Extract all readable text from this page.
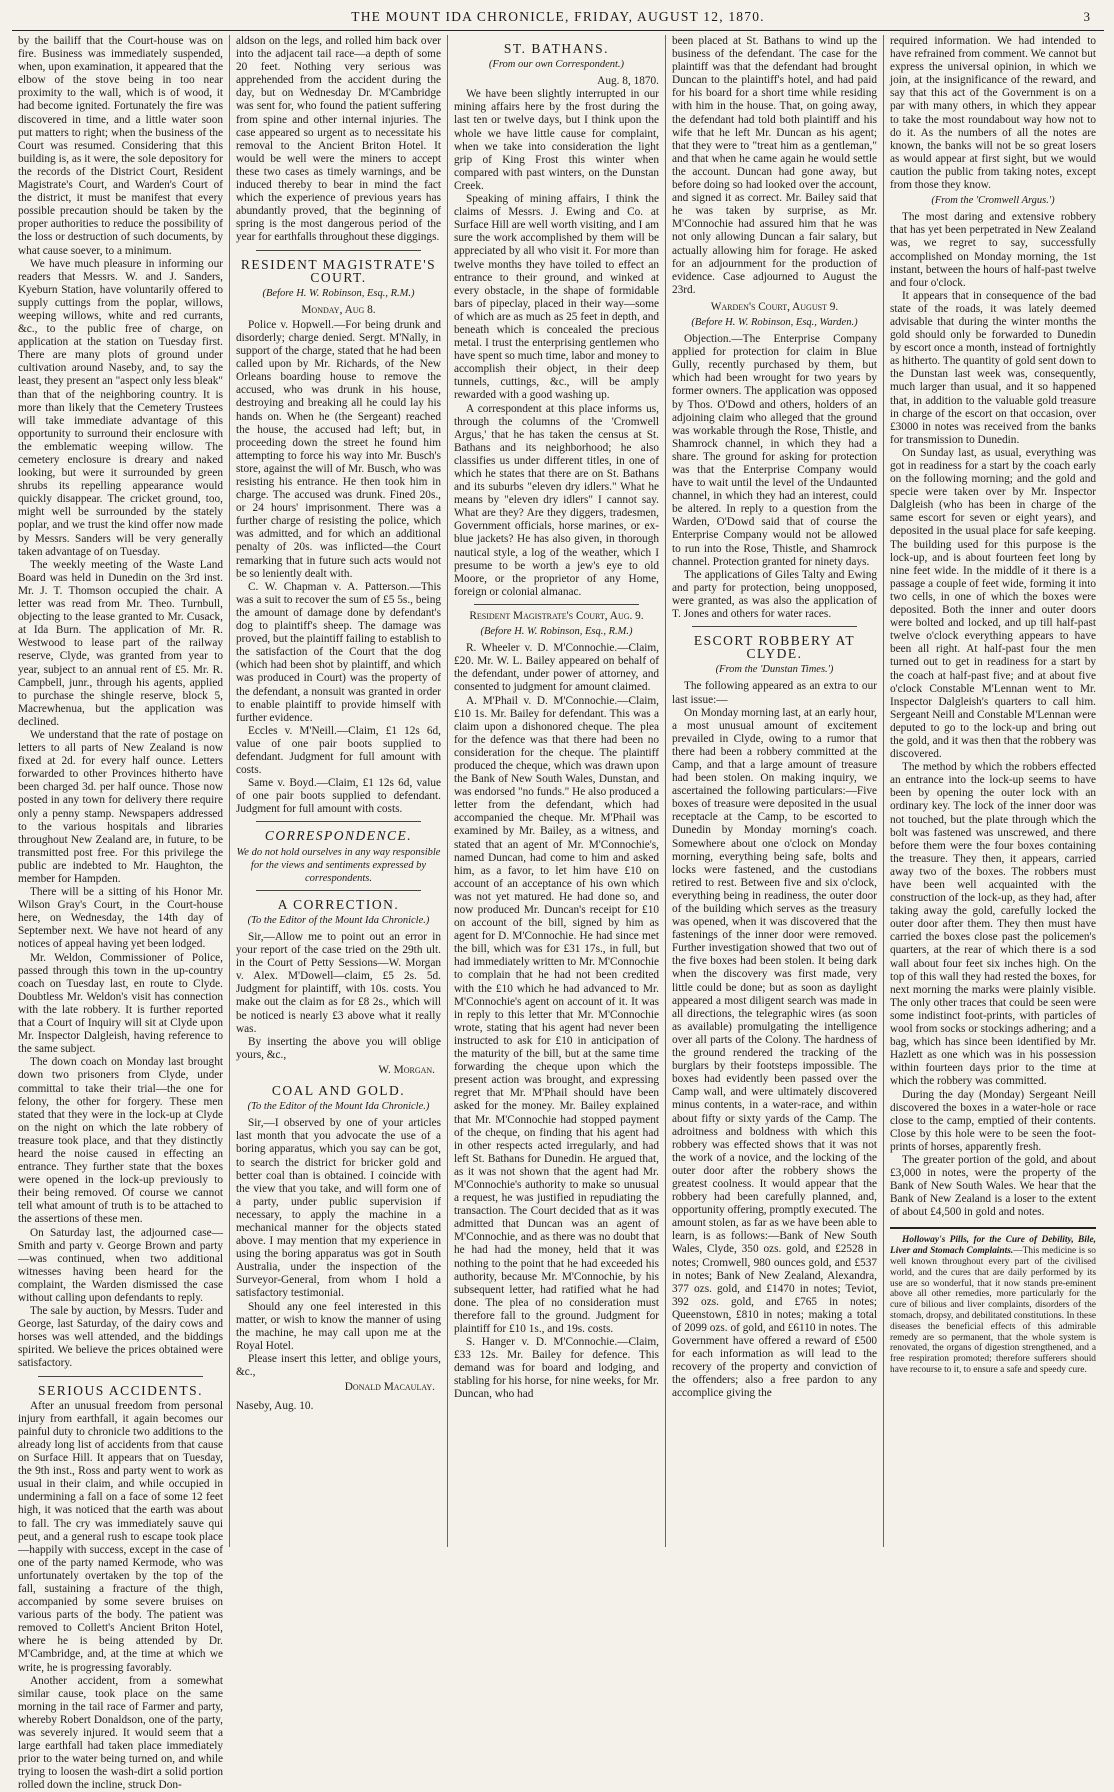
THE MOUNT IDA CHRONICLE, FRIDAY, AUGUST 12, 1870.	3

by the bailiff that the Court-house was on fire. Business was immediately suspended, when, upon examination, it appeared that the elbow of the stove being in too near proximity to the wall, which is of wood, it had become ignited. Fortunately the fire was discovered in time, and a little water soon put matters to right; when the business of the Court was resumed. Considering that this building is, as it were, the sole depository for the records of the District Court, Resident Magistrate's Court, and Warden's Court of the district, it must be manifest that every possible precaution should be taken by the proper authorities to reduce the possibility of the loss or destruction of such documents, by what cause soever, to a minimum.

We have much pleasure in informing our readers that Messrs. W. and J. Sanders, Kyeburn Station, have voluntarily offered to supply cuttings from the poplar, willows, weeping willows, white and red currants, &c., to the public free of charge, on application at the station on Tuesday first. There are many plots of ground under cultivation around Naseby, and, to say the least, they present an "aspect only less bleak" than that of the neighboring country. It is more than likely that the Cemetery Trustees will take immediate advantage of this opportunity to surround their enclosure with the emblematic weeping willow. The cemetery enclosure is dreary and naked looking, but were it surrounded by green shrubs its repelling appearance would quickly disappear. The cricket ground, too, might well be surrounded by the stately poplar, and we trust the kind offer now made by Messrs. Sanders will be very generally taken advantage of on Tuesday.

The weekly meeting of the Waste Land Board was held in Dunedin on the 3rd inst. Mr. J. T. Thomson occupied the chair. A letter was read from Mr. Theo. Turnbull, objecting to the lease granted to Mr. Cusack, at Ida Burn. The application of Mr. R. Westwood to lease part of the railway reserve, Clyde, was granted from year to year, subject to an annual rent of £5. Mr. R. Campbell, junr., through his agents, applied to purchase the shingle reserve, block 5, Macrewhenua, but the application was declined.

We understand that the rate of postage on letters to all parts of New Zealand is now fixed at 2d. for every half ounce. Letters forwarded to other Provinces hitherto have been charged 3d. per half ounce. Those now posted in any town for delivery there require only a penny stamp. Newspapers addressed to the various hospitals and libraries throughout New Zealand are, in future, to be transmitted post free. For this privilege the public are indebted to Mr. Haughton, the member for Hampden.

There will be a sitting of his Honor Mr. Wilson Gray's Court, in the Court-house here, on Wednesday, the 14th day of September next. We have not heard of any notices of appeal having yet been lodged.

Mr. Weldon, Commissioner of Police, passed through this town in the up-country coach on Tuesday last, en route to Clyde. Doubtless Mr. Weldon's visit has connection with the late robbery. It is further reported that a Court of Inquiry will sit at Clyde upon Mr. Inspector Dalgleish, having reference to the same subject.

The down coach on Monday last brought down two prisoners from Clyde, under committal to take their trial—the one for felony, the other for forgery. These men stated that they were in the lock-up at Clyde on the night on which the late robbery of treasure took place, and that they distinctly heard the noise caused in effecting an entrance. They further state that the boxes were opened in the lock-up previously to their being removed. Of course we cannot tell what amount of truth is to be attached to the assertions of these men.

On Saturday last, the adjourned case—Smith and party v. George Brown and party—was continued, when two additional witnesses having been heard for the complaint, the Warden dismissed the case without calling upon defendants to reply.

The sale by auction, by Messrs. Tuder and George, last Saturday, of the dairy cows and horses was well attended, and the biddings spirited. We believe the prices obtained were satisfactory.

SERIOUS ACCIDENTS.

After an unusual freedom from personal injury from earthfall, it again becomes our painful duty to chronicle two additions to the already long list of accidents from that cause on Surface Hill. It appears that on Tuesday, the 9th inst., Ross and party went to work as usual in their claim, and while occupied in undermining a fall on a face of some 12 feet high, it was noticed that the earth was about to fall. The cry was immediately sauve qui peut, and a general rush to escape took place—happily with success, except in the case of one of the party named Kermode, who was unfortunately overtaken by the top of the fall, sustaining a fracture of the thigh, accompanied by some severe bruises on various parts of the body. The patient was removed to Collett's Ancient Briton Hotel, where he is being attended by Dr. M'Cambridge, and, at the time at which we write, he is progressing favorably.

Another accident, from a somewhat similar cause, took place on the same morning in the tail race of Farmer and party, whereby Robert Donaldson, one of the party, was severely injured. It would seem that a large earthfall had taken place immediately prior to the water being turned on, and while trying to loosen the wash-dirt a solid portion rolled down the incline, struck Don-

aldson on the legs, and rolled him back over into the adjacent tail race—a depth of some 20 feet. Nothing very serious was apprehended from the accident during the day, but on Wednesday Dr. M'Cambridge was sent for, who found the patient suffering from spine and other internal injuries. The case appeared so urgent as to necessitate his removal to the Ancient Briton Hotel. It would be well were the miners to accept these two cases as timely warnings, and be induced thereby to bear in mind the fact which the experience of previous years has abundantly proved, that the beginning of spring is the most dangerous period of the year for earthfalls throughout these diggings.

RESIDENT MAGISTRATE'S COURT.
(Before H. W. Robinson, Esq., R.M.)
Monday, Aug 8.

Police v. Hopwell.—For being drunk and disorderly; charge denied. Sergt. M'Nally, in support of the charge, stated that he had been called upon by Mr. Richards, of the New Orleans boarding house to remove the accused, who was drunk in his house, destroying and breaking all he could lay his hands on. When he (the Sergeant) reached the house, the accused had left; but, in proceeding down the street he found him attempting to force his way into Mr. Busch's store, against the will of Mr. Busch, who was resisting his entrance. He then took him in charge. The accused was drunk. Fined 20s., or 24 hours' imprisonment. There was a further charge of resisting the police, which was admitted, and for which an additional penalty of 20s. was inflicted—the Court remarking that in future such acts would not be so leniently dealt with.

C. W. Chapman v. A. Patterson.—This was a suit to recover the sum of £5 5s., being the amount of damage done by defendant's dog to plaintiff's sheep. The damage was proved, but the plaintiff failing to establish to the satisfaction of the Court that the dog (which had been shot by plaintiff, and which was produced in Court) was the property of the defendant, a nonsuit was granted in order to enable plaintiff to provide himself with further evidence.

Eccles v. M'Neill.—Claim, £1 12s 6d, value of one pair boots supplied to defendant. Judgment for full amount with costs.

Same v. Boyd.—Claim, £1 12s 6d, value of one pair boots supplied to defendant. Judgment for full amount with costs.

CORRESPONDENCE.
We do not hold ourselves in any way responsible for the views and sentiments expressed by correspondents.
A CORRECTION.
(To the Editor of the Mount Ida Chronicle.)

Sir,—Allow me to point out an error in your report of the case tried on the 29th ult. in the Court of Petty Sessions—W. Morgan v. Alex. M'Dowell—claim, £5 2s. 5d. Judgment for plaintiff, with 10s. costs. You make out the claim as for £8 2s., which will be noticed is nearly £3 above what it really was.

By inserting the above you will oblige yours, &c.,

W. Morgan.
COAL AND GOLD.
(To the Editor of the Mount Ida Chronicle.)

Sir,—I observed by one of your articles last month that you advocate the use of a boring apparatus, which you say can be got, to search the district for bricker gold and better coal than is obtained. I coincide with the view that you take, and will form one of a party, under public supervision if necessary, to apply the machine in a mechanical manner for the objects stated above. I may mention that my experience in using the boring apparatus was got in South Australia, under the inspection of the Surveyor-General, from whom I hold a satisfactory testimonial.

Should any one feel interested in this matter, or wish to know the manner of using the machine, he may call upon me at the Royal Hotel.

Please insert this letter, and oblige yours, &c.,

Donald Macaulay.

Naseby, Aug. 10.

ST. BATHANS.
(From our own Correspondent.)

Aug. 8, 1870.

We have been slightly interrupted in our mining affairs here by the frost during the last ten or twelve days, but I think upon the whole we have little cause for complaint, when we take into consideration the light grip of King Frost this winter when compared with past winters, on the Dunstan Creek.

Speaking of mining affairs, I think the claims of Messrs. J. Ewing and Co. at Surface Hill are well worth visiting, and I am sure the work accomplished by them will be appreciated by all who visit it. For more than twelve months they have toiled to effect an entrance to their ground, and winked at every obstacle, in the shape of formidable bars of pipeclay, placed in their way—some of which are as much as 25 feet in depth, and beneath which is concealed the precious metal. I trust the enterprising gentlemen who have spent so much time, labor and money to accomplish their object, in their deep tunnels, cuttings, &c., will be amply rewarded with a good washing up.

A correspondent at this place informs us, through the columns of the 'Cromwell Argus,' that he has taken the census at St. Bathans and its neighborhood; he also classifies us under different titles, in one of which he states that there are on St. Bathans and its suburbs "eleven dry idlers." What he means by "eleven dry idlers" I cannot say. What are they? Are they diggers, tradesmen, Government officials, horse marines, or ex-blue jackets? He has also given, in thorough nautical style, a log of the weather, which I presume to be worth a jew's eye to old Moore, or the proprietor of any Home, foreign or colonial almanac.

Resident Magistrate's Court, Aug. 9.
(Before H. W. Robinson, Esq., R.M.)

R. Wheeler v. D. M'Connochie.—Claim, £20. Mr. W. L. Bailey appeared on behalf of the defendant, under power of attorney, and consented to judgment for amount claimed.

A. M'Phail v. D. M'Connochie.—Claim, £10 1s. Mr. Bailey for defendant. This was a claim upon a dishonored cheque. The plea for the defence was that there had been no consideration for the cheque. The plaintiff produced the cheque, which was drawn upon the Bank of New South Wales, Dunstan, and was endorsed "no funds." He also produced a letter from the defendant, which had accompanied the cheque. Mr. M'Phail was examined by Mr. Bailey, as a witness, and stated that an agent of Mr. M'Connochie's, named Duncan, had come to him and asked him, as a favor, to let him have £10 on account of an acceptance of his own which was not yet matured. He had done so, and now produced Mr. Duncan's receipt for £10 on account of the bill, signed by him as agent for D. M'Connochie. He had since met the bill, which was for £31 17s., in full, but had immediately written to Mr. M'Connochie to complain that he had not been credited with the £10 which he had advanced to Mr. M'Connochie's agent on account of it. It was in reply to this letter that Mr. M'Connochie wrote, stating that his agent had never been instructed to ask for £10 in anticipation of the maturity of the bill, but at the same time forwarding the cheque upon which the present action was brought, and expressing regret that Mr. M'Phail should have been asked for the money. Mr. Bailey explained that Mr. M'Connochie had stopped payment of the cheque, on finding that his agent had in other respects acted irregularly, and had left St. Bathans for Dunedin. He argued that, as it was not shown that the agent had Mr. M'Connochie's authority to make so unusual a request, he was justified in repudiating the transaction. The Court decided that as it was admitted that Duncan was an agent of M'Connochie, and as there was no doubt that he had had the money, held that it was nothing to the point that he had exceeded his authority, because Mr. M'Connochie, by his subsequent letter, had ratified what he had done. The plea of no consideration must therefore fall to the ground. Judgment for plaintiff for £10 1s., and 19s. costs.

S. Hanger v. D. M'Connochie.—Claim, £33 12s. Mr. Bailey for defence. This demand was for board and lodging, and stabling for his horse, for nine weeks, for Mr. Duncan, who had

been placed at St. Bathans to wind up the business of the defendant. The case for the plaintiff was that the defendant had brought Duncan to the plaintiff's hotel, and had paid for his board for a short time while residing with him in the house. That, on going away, the defendant had told both plaintiff and his wife that he left Mr. Duncan as his agent; that they were to "treat him as a gentleman," and that when he came again he would settle the account. Duncan had gone away, but before doing so had looked over the account, and signed it as correct. Mr. Bailey said that he was taken by surprise, as Mr. M'Connochie had assured him that he was not only allowing Duncan a fair salary, but actually allowing him for forage. He asked for an adjournment for the production of evidence. Case adjourned to August the 23rd.

Warden's Court, August 9.
(Before H. W. Robinson, Esq., Warden.)

Objection.—The Enterprise Company applied for protection for claim in Blue Gully, recently purchased by them, but which had been wrought for two years by former owners. The application was opposed by Thos. O'Dowd and others, holders of an adjoining claim who alleged that the ground was workable through the Rose, Thistle, and Shamrock channel, in which they had a share. The ground for asking for protection was that the Enterprise Company would have to wait until the level of the Undaunted channel, in which they had an interest, could be altered. In reply to a question from the Warden, O'Dowd said that of course the Enterprise Company would not be allowed to run into the Rose, Thistle, and Shamrock channel. Protection granted for ninety days.

The applications of Giles Talty and Ewing and party for protection, being unopposed, were granted, as was also the application of T. Jones and others for water races.

ESCORT ROBBERY AT CLYDE.
(From the 'Dunstan Times.')

The following appeared as an extra to our last issue:—

On Monday morning last, at an early hour, a most unusual amount of excitement prevailed in Clyde, owing to a rumor that there had been a robbery committed at the Camp, and that a large amount of treasure had been stolen. On making inquiry, we ascertained the following particulars:—Five boxes of treasure were deposited in the usual receptacle at the Camp, to be escorted to Dunedin by Monday morning's coach. Somewhere about one o'clock on Monday morning, everything being safe, bolts and locks were fastened, and the custodians retired to rest. Between five and six o'clock, everything being in readiness, the outer door of the building which serves as the treasury was opened, when it was discovered that the fastenings of the inner door were removed. Further investigation showed that two out of the five boxes had been stolen. It being dark when the discovery was first made, very little could be done; but as soon as daylight appeared a most diligent search was made in all directions, the telegraphic wires (as soon as available) promulgating the intelligence over all parts of the Colony. The hardness of the ground rendered the tracking of the burglars by their footsteps impossible. The boxes had evidently been passed over the Camp wall, and were ultimately discovered minus contents, in a water-race, and within about fifty or sixty yards of the Camp. The adroitness and boldness with which this robbery was effected shows that it was not the work of a novice, and the locking of the outer door after the robbery shows the greatest coolness. It would appear that the robbery had been carefully planned, and, opportunity offering, promptly executed. The amount stolen, as far as we have been able to learn, is as follows:—Bank of New South Wales, Clyde, 350 ozs. gold, and £2528 in notes; Cromwell, 980 ounces gold, and £537 in notes; Bank of New Zealand, Alexandra, 377 ozs. gold, and £1470 in notes; Teviot, 392 ozs. gold, and £765 in notes; Queenstown, £810 in notes; making a total of 2099 ozs. of gold, and £6110 in notes. The Government have offered a reward of £500 for each information as will lead to the recovery of the property and conviction of the offenders; also a free pardon to any accomplice giving the

required information. We had intended to have refrained from comment. We cannot but express the universal opinion, in which we join, at the insignificance of the reward, and say that this act of the Government is on a par with many others, in which they appear to take the most roundabout way how not to do it. As the numbers of all the notes are known, the banks will not be so great losers as would appear at first sight, but we would caution the public from taking notes, except from those they know.

(From the 'Cromwell Argus.')

The most daring and extensive robbery that has yet been perpetrated in New Zealand was, we regret to say, successfully accomplished on Monday morning, the 1st instant, between the hours of half-past twelve and four o'clock.

It appears that in consequence of the bad state of the roads, it was lately deemed advisable that during the winter months the gold should only be forwarded to Dunedin by escort once a month, instead of fortnightly as hitherto. The quantity of gold sent down to the Dunstan last week was, consequently, much larger than usual, and it so happened that, in addition to the valuable gold treasure in charge of the escort on that occasion, over £3000 in notes was received from the banks for transmission to Dunedin.

On Sunday last, as usual, everything was got in readiness for a start by the coach early on the following morning; and the gold and specie were taken over by Mr. Inspector Dalgleish (who has been in charge of the same escort for seven or eight years), and deposited in the usual place for safe keeping. The building used for this purpose is the lock-up, and is about fourteen feet long by nine feet wide. In the middle of it there is a passage a couple of feet wide, forming it into two cells, in one of which the boxes were deposited. Both the inner and outer doors were bolted and locked, and up till half-past twelve o'clock everything appears to have been all right. At half-past four the men turned out to get in readiness for a start by the coach at half-past five; and at about five o'clock Constable M'Lennan went to Mr. Inspector Dalgleish's quarters to call him. Sergeant Neill and Constable M'Lennan were deputed to go to the lock-up and bring out the gold, and it was then that the robbery was discovered.

The method by which the robbers effected an entrance into the lock-up seems to have been by opening the outer lock with an ordinary key. The lock of the inner door was not touched, but the plate through which the bolt was fastened was unscrewed, and there before them were the four boxes containing the treasure. They then, it appears, carried away two of the boxes. The robbers must have been well acquainted with the construction of the lock-up, as they had, after taking away the gold, carefully locked the outer door after them. They then must have carried the boxes close past the policemen's quarters, at the rear of which there is a sod wall about four feet six inches high. On the top of this wall they had rested the boxes, for next morning the marks were plainly visible. The only other traces that could be seen were some indistinct foot-prints, with particles of wool from socks or stockings adhering; and a bag, which has since been identified by Mr. Hazlett as one which was in his possession within fourteen days prior to the time at which the robbery was committed.

During the day (Monday) Sergeant Neill discovered the boxes in a water-hole or race close to the camp, emptied of their contents. Close by this hole were to be seen the foot-prints of horses, apparently fresh.

The greater portion of the gold, and about £3,000 in notes, were the property of the Bank of New South Wales. We hear that the Bank of New Zealand is a loser to the extent of about £4,500 in gold and notes.

Holloway's Pills, for the Cure of Debility, Bile, Liver and Stomach Complaints.—This medicine is so well known throughout every part of the civilised world, and the cures that are daily performed by its use are so wonderful, that it now stands pre-eminent above all other remedies, more particularly for the cure of bilious and liver complaints, disorders of the stomach, dropsy, and debilitated constitutions. In these diseases the beneficial effects of this admirable remedy are so permanent, that the whole system is renovated, the organs of digestion strengthened, and a free respiration promoted; therefore sufferers should have recourse to it, to ensure a safe and speedy cure.
